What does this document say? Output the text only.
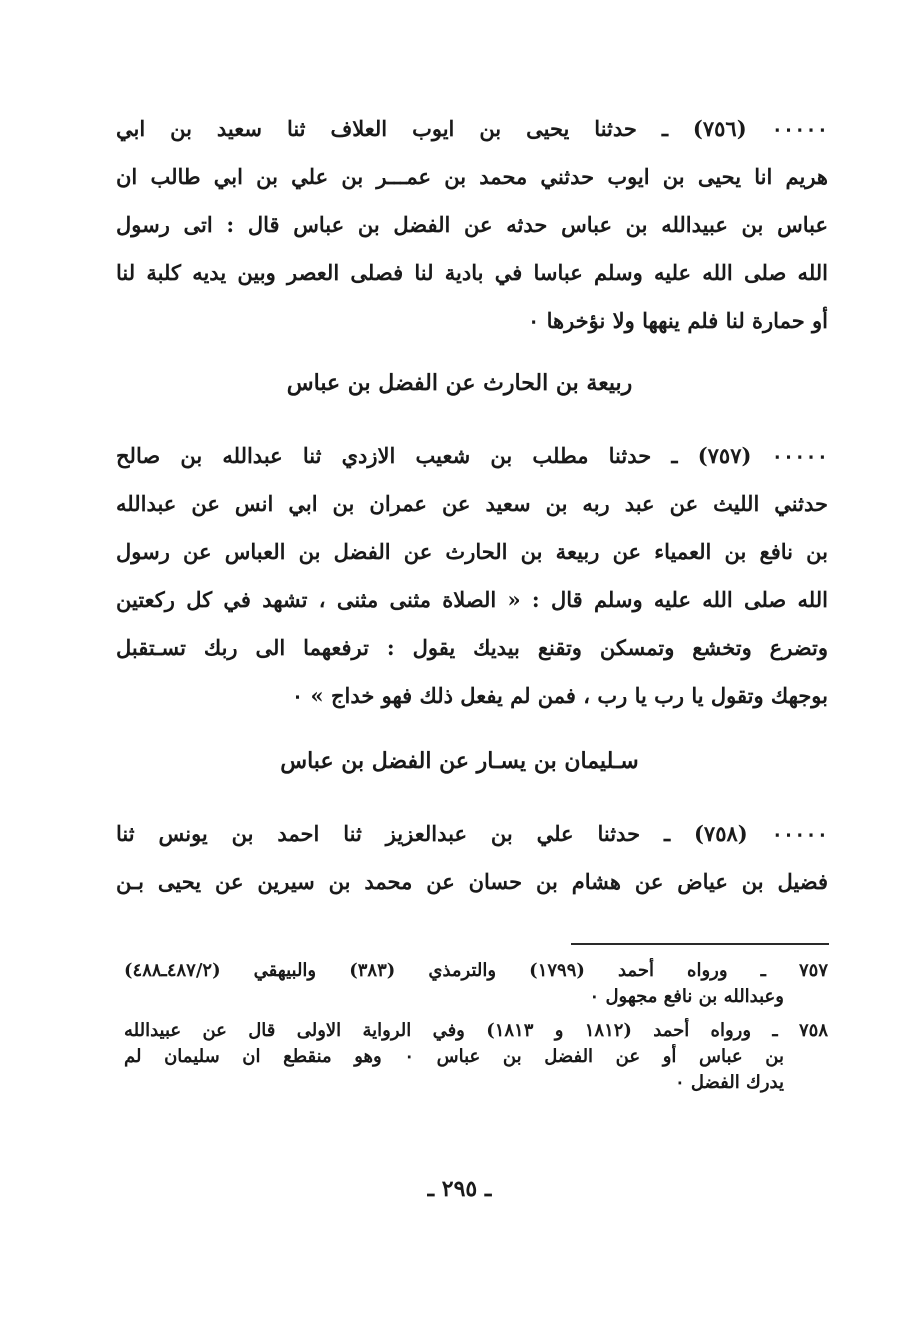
٠٠٠٠٠ (٧٥٦) ـ حدثنا يحيى بن ايوب العلاف ثنا سعيد بن ابي
هريم انا يحيى بن ايوب حدثني محمد بن عمـــر بن علي بن ابي طالب ان
عباس بن عبيدالله بن عباس حدثه عن الفضل بن عباس قال : اتى رسول
الله صلى الله عليه وسلم عباسا في بادية لنا فصلى العصر وبين يديه كلبة لنا
أو حمارة لنا فلم ينهها ولا نؤخرها ٠
ربيعة بن الحارث عن الفضل بن عباس
٠٠٠٠٠ (٧٥٧) ـ حدثنا مطلب بن شعيب الازدي ثنا عبدالله بن صالح
حدثني الليث عن عبد ربه بن سعيد عن عمران بن ابي انس عن عبدالله
بن نافع بن العمياء عن ربيعة بن الحارث عن الفضل بن العباس عن رسول
الله صلى الله عليه وسلم قال : « الصلاة مثنى مثنى ، تشهد في كل ركعتين
وتضرع وتخشع وتمسكن وتقنع بيديك يقول : ترفعهما الى ربك تسـتقبل
بوجهك وتقول يا رب يا رب ، فمن لم يفعل ذلك فهو خداج » ٠
سـليمان بن يسـار عن الفضل بن عباس
٠٠٠٠٠ (٧٥٨) ـ حدثنا علي بن عبدالعزيز ثنا احمد بن يونس ثنا
فضيل بن عياض عن هشام بن حسان عن محمد بن سيرين عن يحيى بـن
٧٥٧ ـ ورواه أحمد (١٧٩٩) والترمذي (٣٨٣) والبيهقي (٤٨٧/٢ـ٤٨٨)
وعبدالله بن نافع مجهول ٠
٧٥٨ ـ ورواه أحمد (١٨١٢ و ١٨١٣) وفي الرواية الاولى قال عن عبيدالله
بن عباس أو عن الفضل بن عباس ٠ وهو منقطع ان سليمان لم
يدرك الفضل ٠
ـ ٢٩٥ ـ
